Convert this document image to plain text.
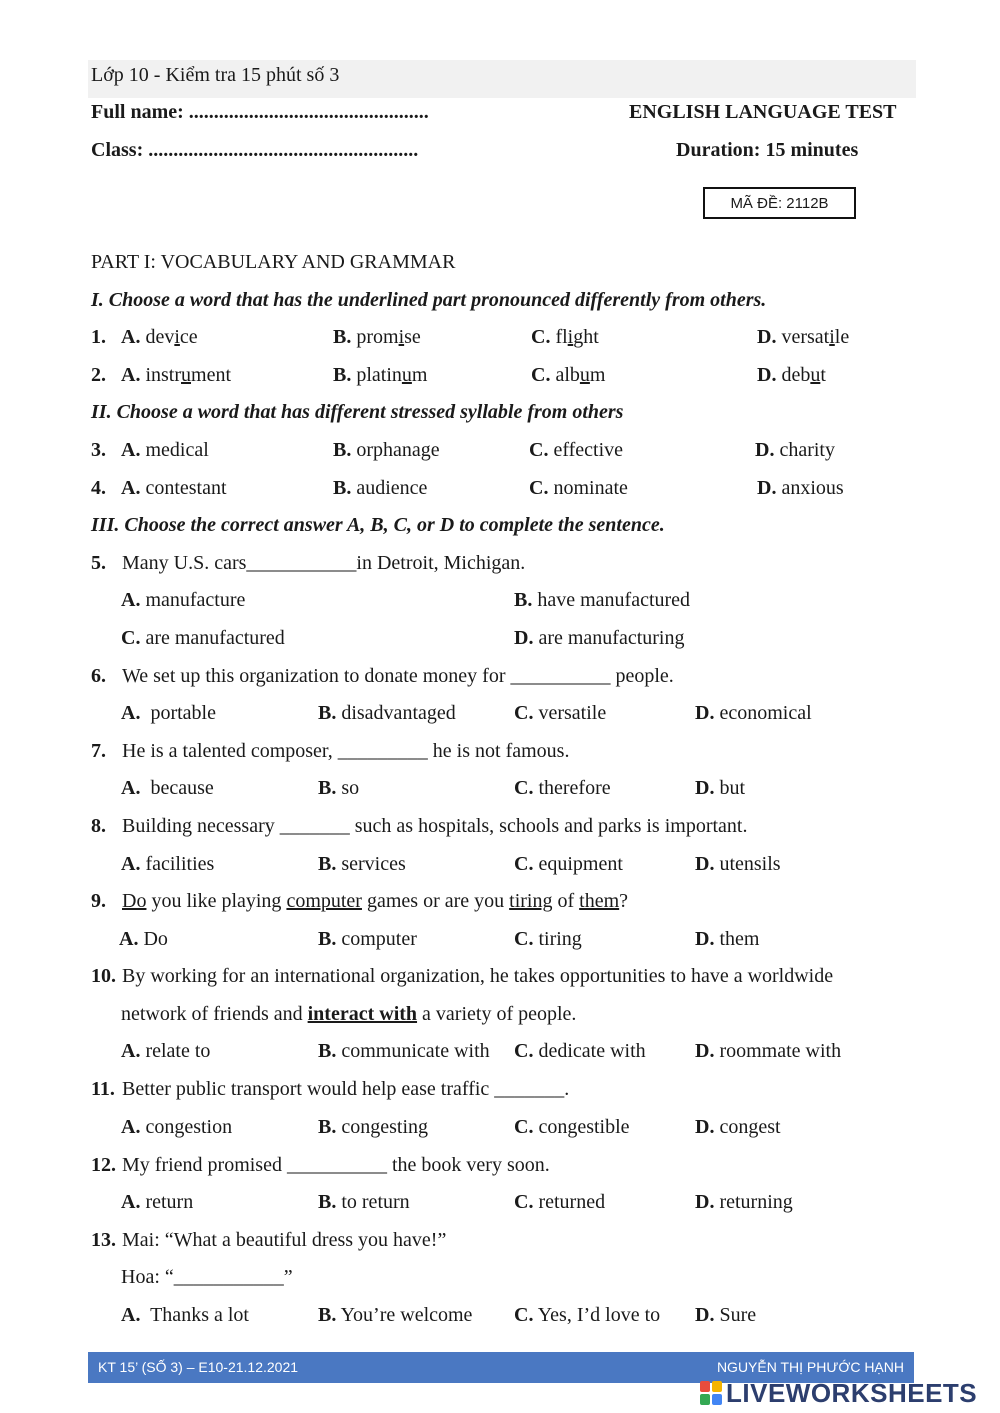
Lớp 10 - Kiểm tra 15 phút số 3
Full name: ................................................	ENGLISH LANGUAGE TEST
Class: ......................................................	Duration: 15 minutes
MÃ ĐỀ: 2112B
PART I: VOCABULARY AND GRAMMAR
I. Choose a word that has the underlined part pronounced differently from others.
1. A. device	B. promise	C. flight	D. versatile
2. A. instrument	B. platinum	C. album	D. debut
II. Choose a word that has different stressed syllable from others
3. A. medical	B. orphanage	C. effective	D. charity
4. A. contestant	B. audience	C. nominate	D. anxious
III. Choose the correct answer A, B, C, or D to complete the sentence.
5. Many U.S. cars___________in Detroit, Michigan.
A. manufacture	B. have manufactured
C. are manufactured	D. are manufacturing
6. We set up this organization to donate money for __________ people.
A. portable	B. disadvantaged	C. versatile	D. economical
7. He is a talented composer, _________ he is not famous.
A. because	B. so	C. therefore	D. but
8. Building necessary _______ such as hospitals, schools and parks is important.
A. facilities	B. services	C. equipment	D. utensils
9. Do you like playing computer games or are you tiring of them?
A. Do	B. computer	C. tiring	D. them
10. By working for an international organization, he takes opportunities to have a worldwide
network of friends and interact with a variety of people.
A. relate to	B. communicate with C. dedicate with D. roommate with
11. Better public transport would help ease traffic _______.
A. congestion	B. congesting	C. congestible	D. congest
12. My friend promised __________ the book very soon.
A. return	B. to return	C. returned	D. returning
13. Mai: “What a beautiful dress you have!”
Hoa: “___________”
A. Thanks a lot	B. You’re welcome C. Yes, I’d love to D. Sure
KT 15’ (SỐ 3) – E10-21.12.2021	NGUYỄN THỊ PHƯỚC HẠNH
LIVEWORKSHEETS
